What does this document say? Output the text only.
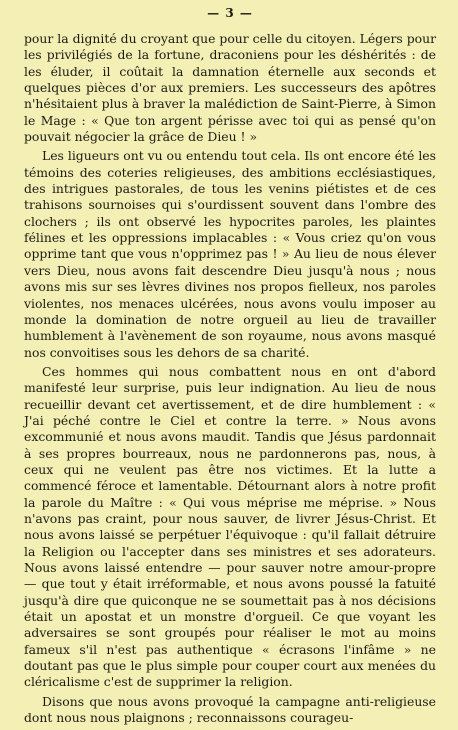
— 3 —

pour la dignité du croyant que pour celle du citoyen. Légers pour les privilégiés de la fortune, draconiens pour les déshérités : de les éluder, il coûtait la damnation éternelle aux seconds et quelques pièces d'or aux premiers. Les successeurs des apôtres n'hésitaient plus à braver la malédiction de Saint-Pierre, à Simon le Mage : « Que ton argent périsse avec toi qui as pensé qu'on pouvait négocier la grâce de Dieu ! »

Les ligueurs ont vu ou entendu tout cela. Ils ont encore été les témoins des coteries religieuses, des ambitions ecclésiastiques, des intrigues pastorales, de tous les venins piétistes et de ces trahisons sournoises qui s'ourdissent souvent dans l'ombre des clochers ; ils ont observé les hypocrites paroles, les plaintes félines et les oppressions implacables : « Vous criez qu'on vous opprime tant que vous n'opprimez pas ! » Au lieu de nous élever vers Dieu, nous avons fait descendre Dieu jusqu'à nous ; nous avons mis sur ses lèvres divines nos propos fielleux, nos paroles violentes, nos menaces ulcérées, nous avons voulu imposer au monde la domination de notre orgueil au lieu de travailler humblement à l'avènement de son royaume, nous avons masqué nos convoitises sous les dehors de sa charité.

Ces hommes qui nous combattent nous en ont d'abord manifesté leur surprise, puis leur indignation. Au lieu de nous recueillir devant cet avertissement, et de dire humblement : « J'ai péché contre le Ciel et contre la terre. » Nous avons excommunié et nous avons maudit. Tandis que Jésus pardonnait à ses propres bourreaux, nous ne pardonnerons pas, nous, à ceux qui ne veulent pas être nos victimes. Et la lutte a commencé féroce et lamentable. Détournant alors à notre profit la parole du Maître : « Qui vous méprise me méprise. » Nous n'avons pas craint, pour nous sauver, de livrer Jésus-Christ. Et nous avons laissé se perpétuer l'équivoque : qu'il fallait détruire la Religion ou l'accepter dans ses ministres et ses adorateurs. Nous avons laissé entendre — pour sauver notre amour-propre — que tout y était irréformable, et nous avons poussé la fatuité jusqu'à dire que quiconque ne se soumettait pas à nos décisions était un apostat et un monstre d'orgueil. Ce que voyant les adversaires se sont groupés pour réaliser le mot au moins fameux s'il n'est pas authentique « écrasons l'infâme » ne doutant pas que le plus simple pour couper court aux menées du cléricalisme c'est de supprimer la religion.

Disons que nous avons provoqué la campagne anti-religieuse dont nous nous plaignons ; reconnaissons courageu-
